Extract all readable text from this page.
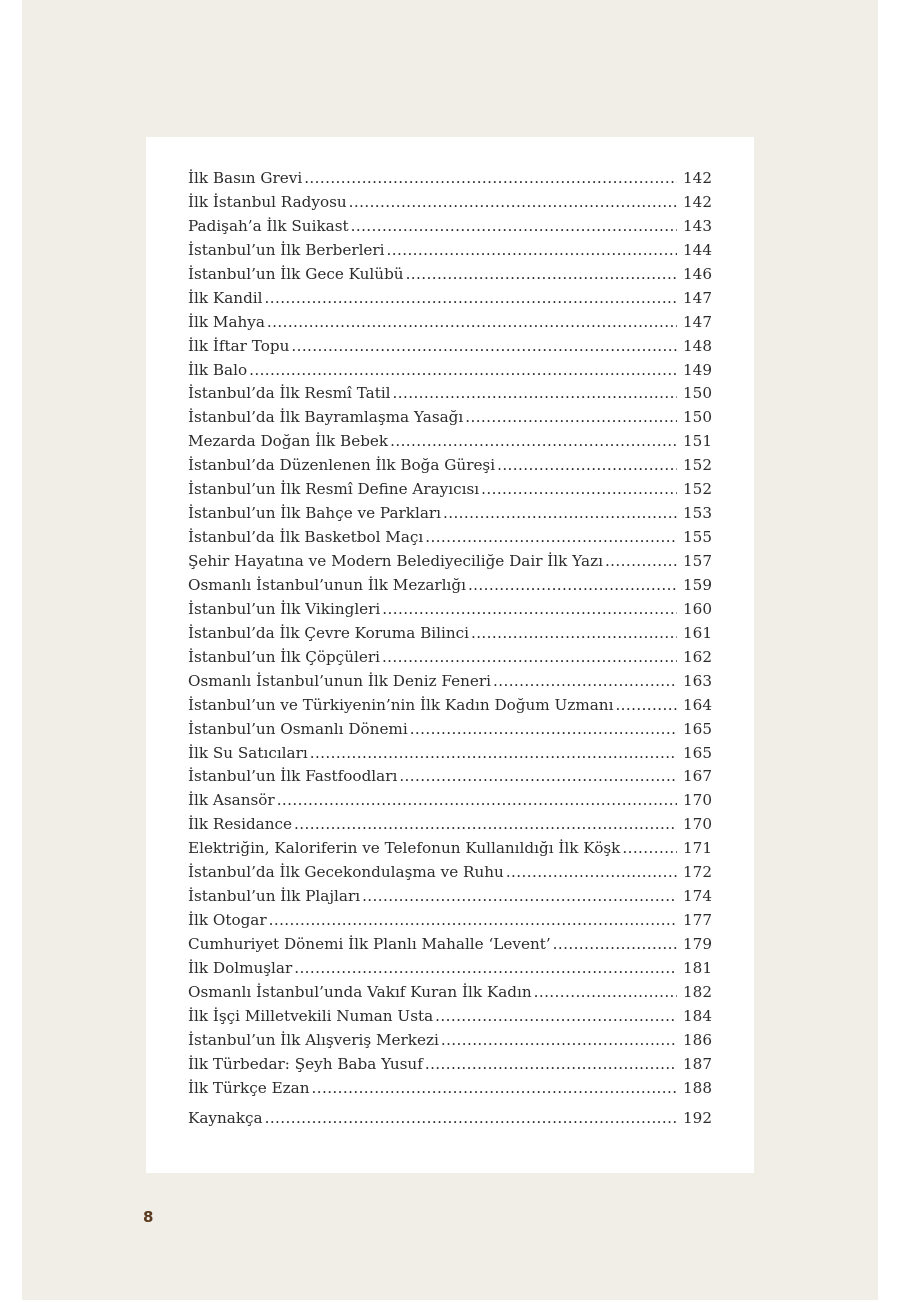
İlk Basın Grevi .....	142
İlk İstanbul Radyosu .....	142
Padişah’a İlk Suikast .....	143
İstanbul’un İlk Berberleri .....	144
İstanbul’un İlk Gece Kulübü .....	146
İlk Kandil .....	147
İlk Mahya .....	147
İlk İftar Topu .....	148
İlk Balo .....	149
İstanbul’da İlk Resmî Tatil .....	150
İstanbul’da İlk Bayramlaşma Yasağı .....	150
Mezarda Doğan İlk Bebek .....	151
İstanbul’da Düzenlenen İlk Boğa Güreşi .....	152
İstanbul’un İlk Resmî Define Arayıcısı .....	152
İstanbul’un İlk Bahçe ve Parkları .....	153
İstanbul’da İlk Basketbol Maçı .....	155
Şehir Hayatına ve Modern Belediyeciliğe Dair İlk Yazı .....	157
Osmanlı İstanbul’unun İlk Mezarlığı .....	159
İstanbul’un İlk Vikingleri .....	160
İstanbul’da İlk Çevre Koruma Bilinci .....	161
İstanbul’un İlk Çöpçüleri .....	162
Osmanlı İstanbul’unun İlk Deniz Feneri .....	163
İstanbul’un ve Türkiyenin’nin İlk Kadın Doğum Uzmanı .....	164
İstanbul’un Osmanlı Dönemi .....	165
İlk Su Satıcıları .....	165
İstanbul’un İlk Fastfoodları .....	167
İlk Asansör .....	170
İlk Residance .....	170
Elektriğin, Kaloriferin ve Telefonun Kullanıldığı İlk Köşk .....	171
İstanbul’da İlk Gecekondulaşma ve Ruhu .....	172
İstanbul’un İlk Plajları .....	174
İlk Otogar .....	177
Cumhuriyet Dönemi İlk Planlı Mahalle ‘Levent’ .....	179
İlk Dolmuşlar .....	181
Osmanlı İstanbul’unda Vakıf Kuran İlk Kadın .....	182
İlk İşçi Milletvekili Numan Usta .....	184
İstanbul’un İlk Alışveriş Merkezi .....	186
İlk Türbedar: Şeyh Baba Yusuf .....	187
İlk Türkçe Ezan .....	188
Kaynakça .....	192
8
